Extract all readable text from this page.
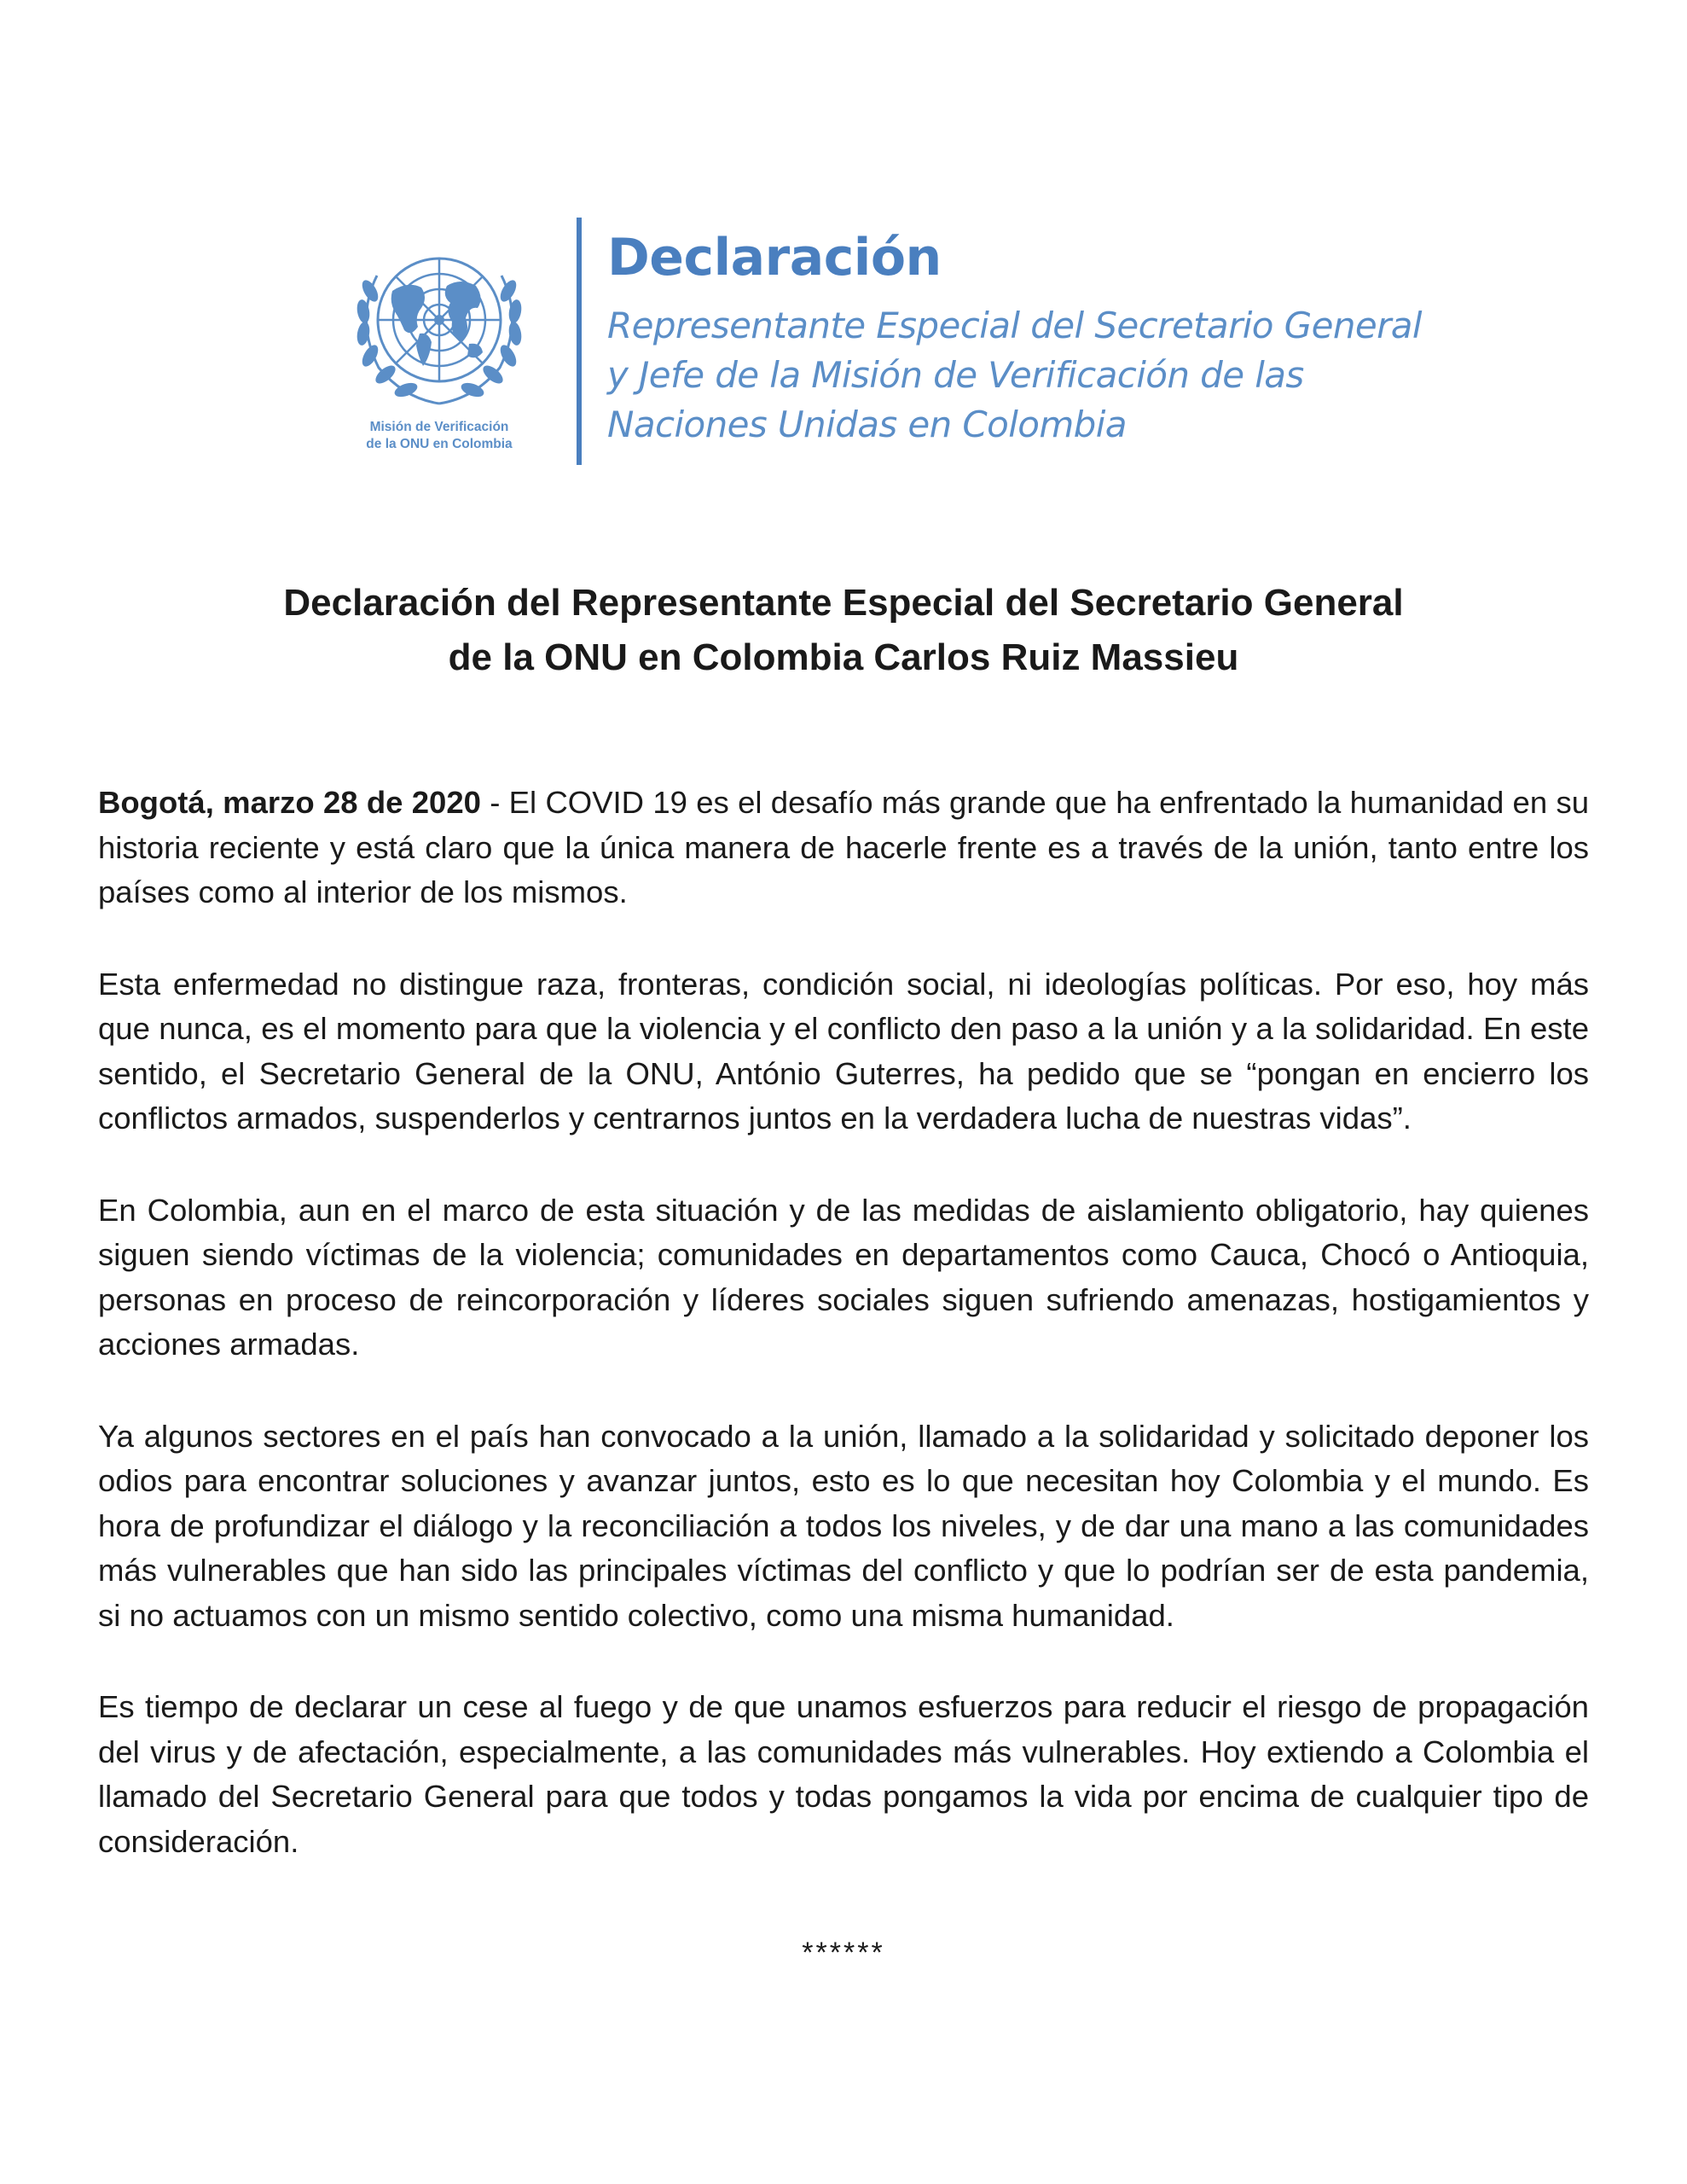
Misión de Verificación
de la ONU en Colombia
Declaración
Representante Especial del Secretario General
y Jefe de la Misión de Verificación de las
Naciones Unidas en Colombia
Declaración del Representante Especial del Secretario General
de la ONU en Colombia Carlos Ruiz Massieu

Bogotá, marzo 28 de 2020 - El COVID 19 es el desafío más grande que ha enfrentado la humanidad en su historia reciente y está claro que la única manera de hacerle frente es a través de la unión, tanto entre los países como al interior de los mismos.

Esta enfermedad no distingue raza, fronteras, condición social, ni ideologías políticas. Por eso, hoy más que nunca, es el momento para que la violencia y el conflicto den paso a la unión y a la solidaridad. En este sentido, el Secretario General de la ONU, António Guterres, ha pedido que se “pongan en encierro los conflictos armados, suspenderlos y centrarnos juntos en la verdadera lucha de nuestras vidas”.

En Colombia, aun en el marco de esta situación y de las medidas de aislamiento obligatorio, hay quienes siguen siendo víctimas de la violencia; comunidades en departamentos como Cauca, Chocó o Antioquia, personas en proceso de reincorporación y líderes sociales siguen sufriendo amenazas, hostigamientos y acciones armadas.

Ya algunos sectores en el país han convocado a la unión, llamado a la solidaridad y solicitado deponer los odios para encontrar soluciones y avanzar juntos, esto es lo que necesitan hoy Colombia y el mundo. Es hora de profundizar el diálogo y la reconciliación a todos los niveles, y de dar una mano a las comunidades más vulnerables que han sido las principales víctimas del conflicto y que lo podrían ser de esta pandemia, si no actuamos con un mismo sentido colectivo, como una misma humanidad.

Es tiempo de declarar un cese al fuego y de que unamos esfuerzos para reducir el riesgo de propagación del virus y de afectación, especialmente, a las comunidades más vulnerables. Hoy extiendo a Colombia el llamado del Secretario General para que todos y todas pongamos la vida por encima de cualquier tipo de consideración.

******
